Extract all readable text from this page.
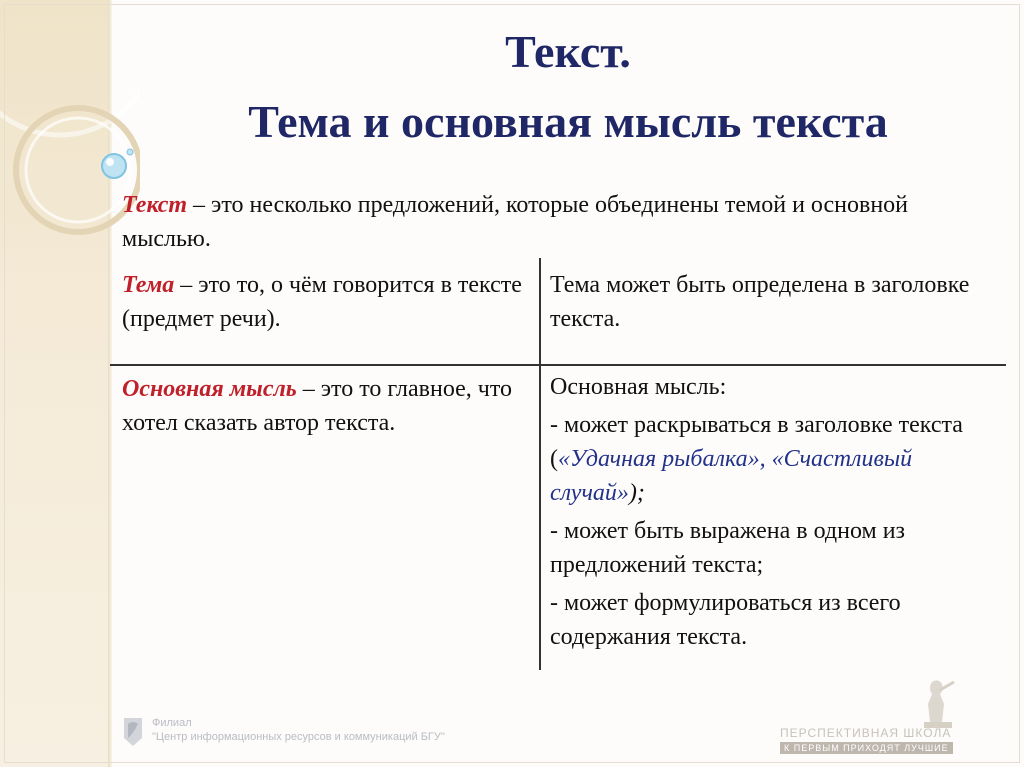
Текст.
Тема и основная мысль текста
Текст – это несколько предложений, которые объединены темой и основной мыслью.
Тема – это то, о чём говорится в тексте (предмет речи).
Тема может быть определена в заголовке текста.
Основная мысль – это то главное, что хотел сказать автор текста.

Основная мысль:

- может раскрываться в заголовке текста («Удачная рыбалка», «Счастливый случай»);

- может быть выражена в одном из предложений текста;

- может формулироваться из всего содержания текста.

Филиал
"Центр информационных ресурсов и коммуникаций БГУ"	ПЕРСПЕКТИВНАЯ ШКОЛА
К ПЕРВЫМ ПРИХОДЯТ ЛУЧШИЕ
